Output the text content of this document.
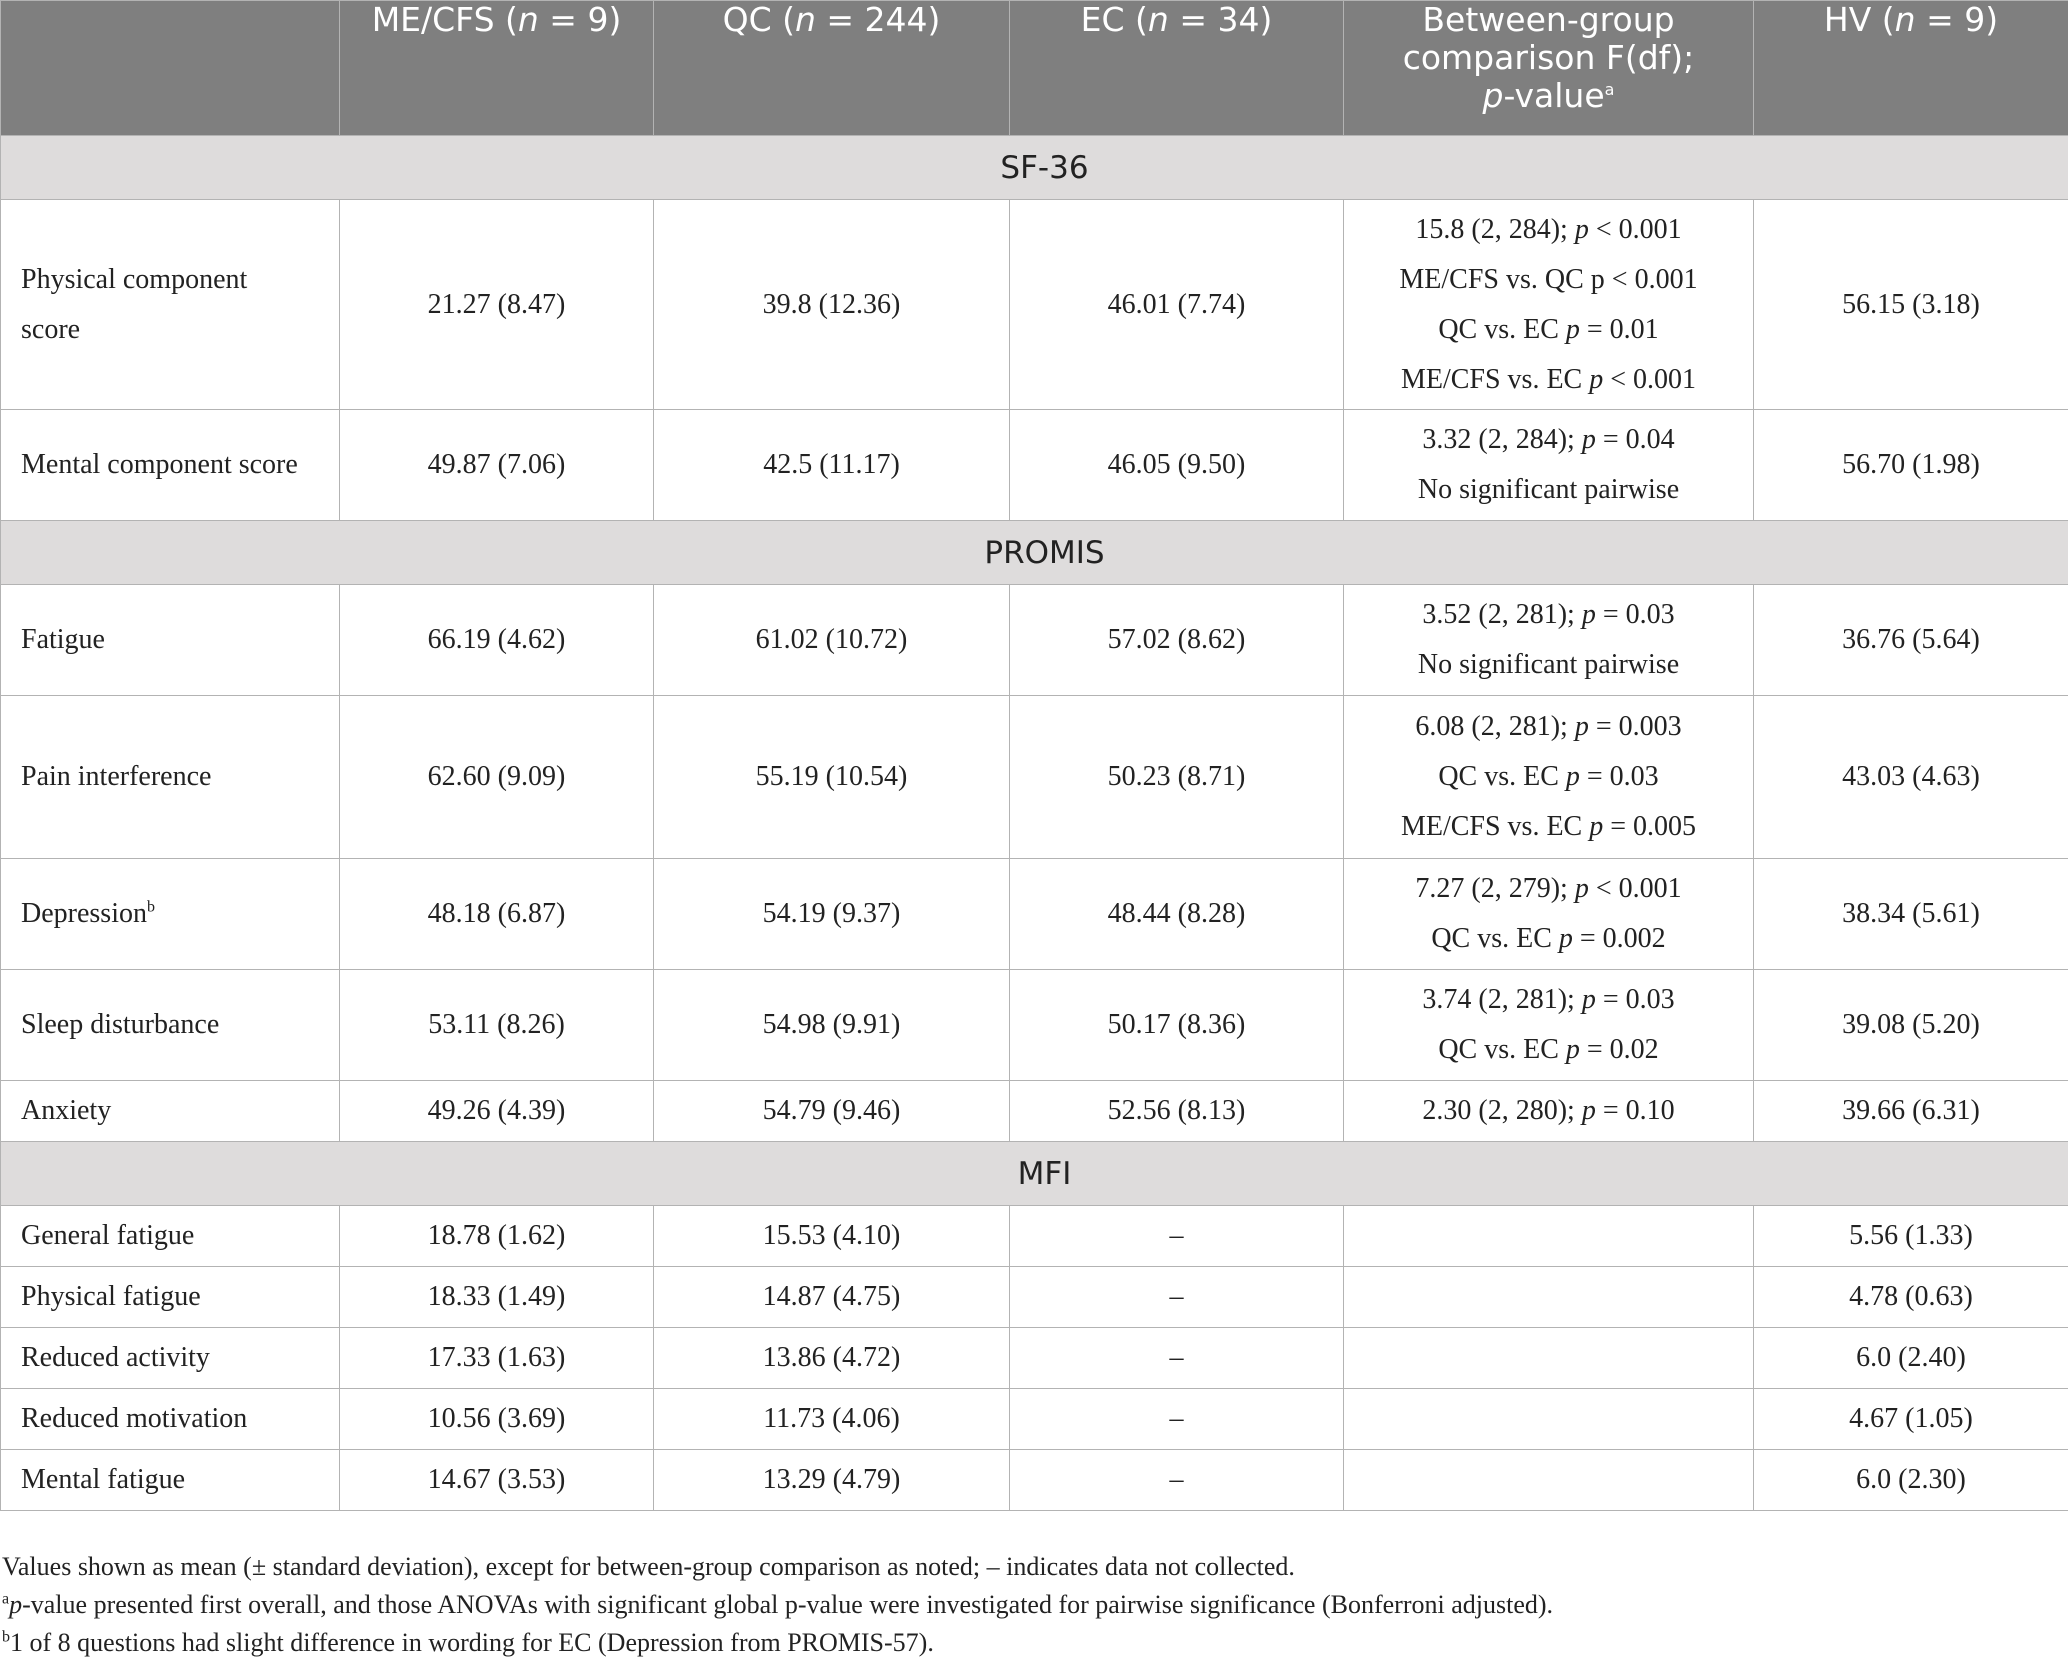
	ME/CFS (n = 9)	QC (n = 244)	EC (n = 34)	Between-group
comparison F(df);
p-value$^a$	HV (n = 9)
SF-36					
Physical component
score	21.27 (8.47)	39.8 (12.36)	46.01 (7.74)	15.8 (2, 284); p < 0.001
ME/CFS vs. QC p < 0.001
QC vs. EC p = 0.01
ME/CFS vs. EC p < 0.001	56.15 (3.18)
Mental component score	49.87 (7.06)	42.5 (11.17)	46.05 (9.50)	3.32 (2, 284); p = 0.04
No significant pairwise	56.70 (1.98)
PROMIS					
Fatigue	66.19 (4.62)	61.02 (10.72)	57.02 (8.62)	3.52 (2, 281); p = 0.03
No significant pairwise	36.76 (5.64)
Pain interference	62.60 (9.09)	55.19 (10.54)	50.23 (8.71)	6.08 (2, 281); p = 0.003
QC vs. EC p = 0.03
ME/CFS vs. EC p = 0.005	43.03 (4.63)
Depression$^b$	48.18 (6.87)	54.19 (9.37)	48.44 (8.28)	7.27 (2, 279); p < 0.001
QC vs. EC p = 0.002	38.34 (5.61)
Sleep disturbance	53.11 (8.26)	54.98 (9.91)	50.17 (8.36)	3.74 (2, 281); p = 0.03
QC vs. EC p = 0.02	39.08 (5.20)
Anxiety	49.26 (4.39)	54.79 (9.46)	52.56 (8.13)	2.30 (2, 280); p = 0.10	39.66 (6.31)
MFI					
General fatigue	18.78 (1.62)	15.53 (4.10)	–		5.56 (1.33)
Physical fatigue	18.33 (1.49)	14.87 (4.75)	–		4.78 (0.63)
Reduced activity	17.33 (1.63)	13.86 (4.72)	–		6.0 (2.40)
Reduced motivation	10.56 (3.69)	11.73 (4.06)	–		4.67 (1.05)
Mental fatigue	14.67 (3.53)	13.29 (4.79)	–		6.0 (2.30)

Values shown as mean (± standard deviation), except for between-group comparison as noted; – indicates data not collected.

$^a$p-value presented first overall, and those ANOVAs with significant global p-value were investigated for pairwise significance (Bonferroni adjusted).

$^b$1 of 8 questions had slight difference in wording for EC (Depression from PROMIS-57).
